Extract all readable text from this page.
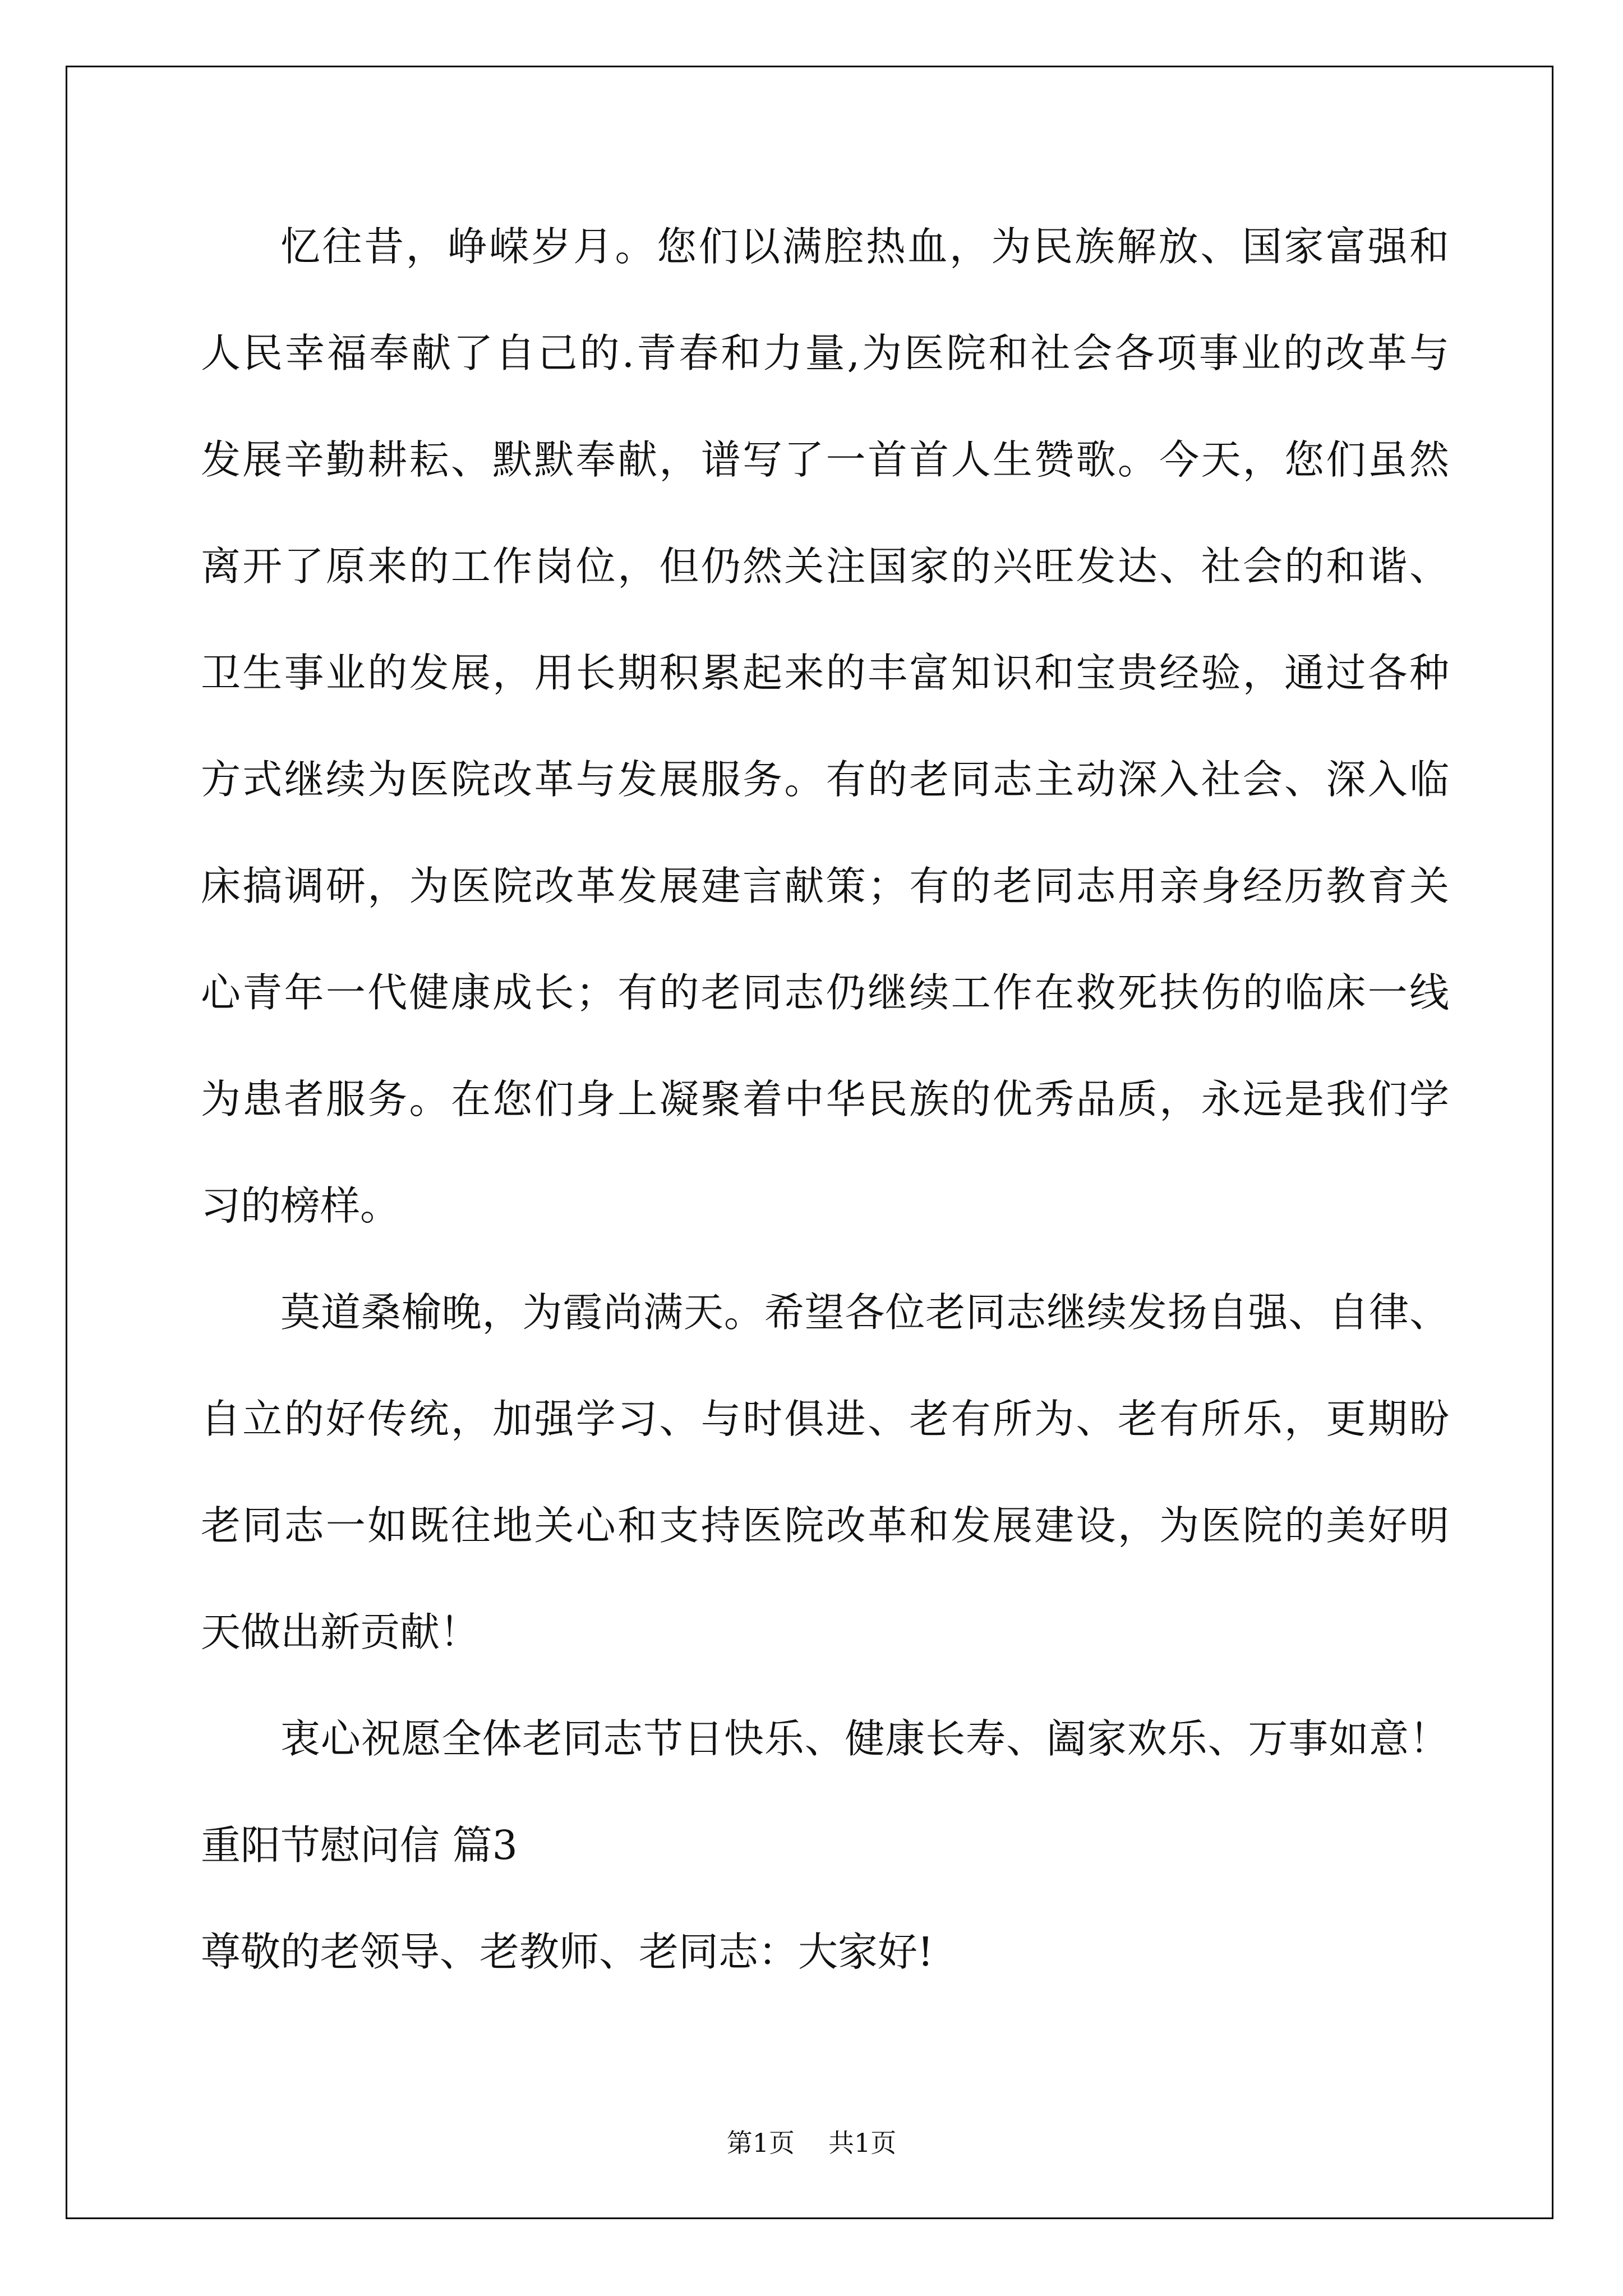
忆往昔，峥嵘岁月。您们以满腔热血，为民族解放、国家富强和
人民幸福奉献了自己的.青春和力量,为医院和社会各项事业的改革与
发展辛勤耕耘、默默奉献，谱写了一首首人生赞歌。今天，您们虽然
离开了原来的工作岗位，但仍然关注国家的兴旺发达、社会的和谐、
卫生事业的发展，用长期积累起来的丰富知识和宝贵经验，通过各种
方式继续为医院改革与发展服务。有的老同志主动深入社会、深入临
床搞调研，为医院改革发展建言献策；有的老同志用亲身经历教育关
心青年一代健康成长；有的老同志仍继续工作在救死扶伤的临床一线
为患者服务。在您们身上凝聚着中华民族的优秀品质，永远是我们学
习的榜样。
莫道桑榆晚，为霞尚满天。希望各位老同志继续发扬自强、自律、
自立的好传统，加强学习、与时俱进、老有所为、老有所乐，更期盼
老同志一如既往地关心和支持医院改革和发展建设，为医院的美好明
天做出新贡献！
衷心祝愿全体老同志节日快乐、健康长寿、阖家欢乐、万事如意！
重阳节慰问信 篇3
尊敬的老领导、老教师、老同志：大家好!
第1页 共1页
